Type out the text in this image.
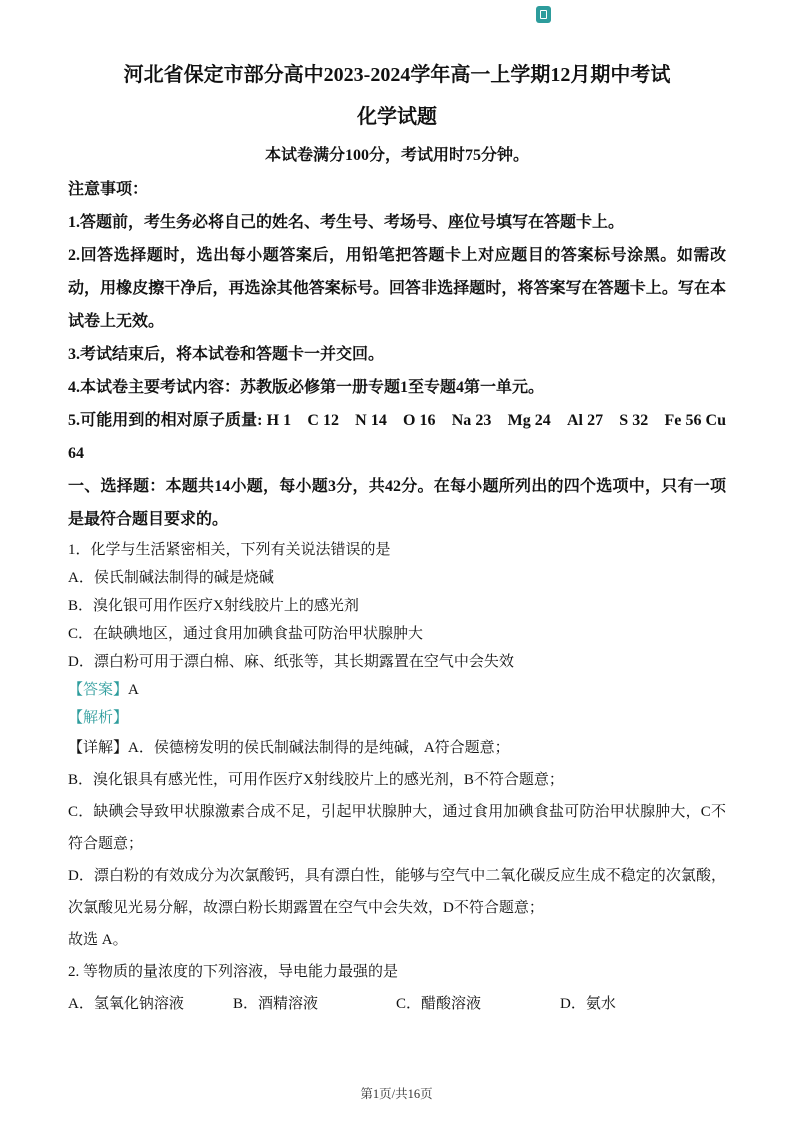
河北省保定市部分高中2023-2024学年高一上学期12月期中考试
化学试题

本试卷满分100分，考试用时75分钟。

注意事项：

1.答题前，考生务必将自己的姓名、考生号、考场号、座位号填写在答题卡上。

2.回答选择题时，选出每小题答案后，用铅笔把答题卡上对应题目的答案标号涂黑。如需改动，用橡皮擦干净后，再选涂其他答案标号。回答非选择题时，将答案写在答题卡上。写在本试卷上无效。

3.考试结束后，将本试卷和答题卡一并交回。

4.本试卷主要考试内容：苏教版必修第一册专题1至专题4第一单元。

5.可能用到的相对原子质量: H 1　C 12　N 14　O 16　Na 23　Mg 24　Al 27　S 32　Fe 56 Cu 64

一、选择题：本题共14小题，每小题3分，共42分。在每小题所列出的四个选项中，只有一项是最符合题目要求的。

1．化学与生活紧密相关，下列有关说法错误的是

A．侯氏制碱法制得的碱是烧碱

B．溴化银可用作医疗X射线胶片上的感光剂

C．在缺碘地区，通过食用加碘食盐可防治甲状腺肿大

D．漂白粉可用于漂白棉、麻、纸张等，其长期露置在空气中会失效

【答案】A

【解析】

【详解】A．侯德榜发明的侯氏制碱法制得的是纯碱，A符合题意；

B．溴化银具有感光性，可用作医疗X射线胶片上的感光剂，B不符合题意；

C．缺碘会导致甲状腺激素合成不足，引起甲状腺肿大，通过食用加碘食盐可防治甲状腺肿大，C不符合题意；

D．漂白粉的有效成分为次氯酸钙，具有漂白性，能够与空气中二氧化碳反应生成不稳定的次氯酸，次氯酸见光易分解，故漂白粉长期露置在空气中会失效，D不符合题意；

故选 A。

2. 等物质的量浓度的下列溶液，导电能力最强的是

A．氢氧化钠溶液	B．酒精溶液	C．醋酸溶液	D．氨水
第1页/共16页
